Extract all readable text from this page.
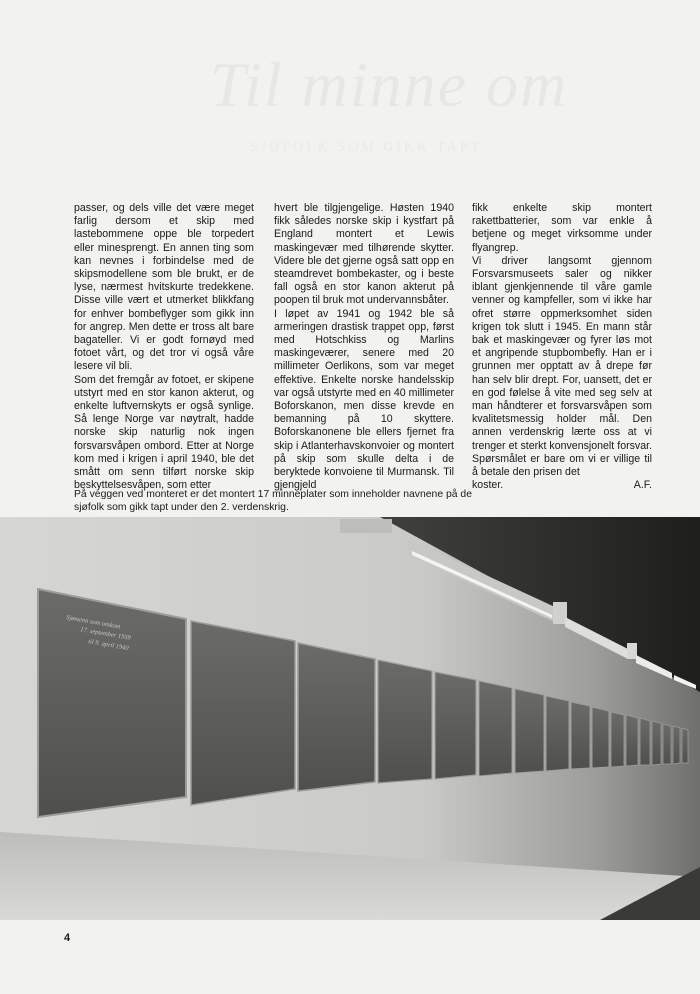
Til minne om
SJØFOLK SOM GIKK TAPT

passer, og dels ville det være meget farlig dersom et skip med lastebommene oppe ble torpedert eller minesprengt. En annen ting som kan nevnes i forbindelse med de skipsmodellene som ble brukt, er de lyse, nærmest hvitskurte tredekkene. Disse ville vært et utmerket blikkfang for enhver bombeflyger som gikk inn for angrep. Men dette er tross alt bare bagateller. Vi er godt fornøyd med fotoet vårt, og det tror vi også våre lesere vil bli.

Som det fremgår av fotoet, er skipene utstyrt med en stor kanon akterut, og enkelte luftvernskyts er også synlige. Så lenge Norge var nøytralt, hadde norske skip naturlig nok ingen forsvarsvåpen ombord. Etter at Norge kom med i krigen i april 1940, ble det smått om senn tilført norske skip beskyttelsesvåpen, som etter

hvert ble tilgjengelige. Høsten 1940 fikk således norske skip i kystfart på England montert et Lewis maskingevær med tilhørende skytter. Videre ble det gjerne også satt opp en steamdrevet bombekaster, og i beste fall også en stor kanon akterut på poopen til bruk mot undervannsbåter.

I løpet av 1941 og 1942 ble så armeringen drastisk trappet opp, først med Hotschkiss og Marlins maskingeværer, senere med 20 millimeter Oerlikons, som var meget effektive. Enkelte norske handelsskip var også utstyrte med en 40 millimeter Boforskanon, men disse krevde en bemanning på 10 skyttere. Boforskanonene ble ellers fjernet fra skip i Atlanterhavskonvoier og montert på skip som skulle delta i de beryktede konvoiene til Murmansk. Til gjengjeld

fikk enkelte skip montert rakettbatterier, som var enkle å betjene og meget virksomme under flyangrep.

Vi driver langsomt gjennom Forsvarsmuseets saler og nikker iblant gjenkjennende til våre gamle venner og kampfeller, som vi ikke har ofret større oppmerksomhet siden krigen tok slutt i 1945. En mann står bak et maskingevær og fyrer løs mot et angripende stupbombefly. Han er i grunnen mer opptatt av å drepe før han selv blir drept. For, uansett, det er en god følelse å vite med seg selv at man håndterer et forsvarsvåpen som kvalitetsmessig holder mål. Den annen verdenskrig lærte oss at vi trenger et sterkt konvensjonelt forsvar. Spørsmålet er bare om vi er villige til å betale den prisen det

koster.	A.F.
På veggen ved monteret er det montert 17 minneplater som inneholder navnene på de sjøfolk som gikk tapt under den 2. verdenskrig.
Sjømenn som omkom
17. september 1939
til 9. april 1940
4
